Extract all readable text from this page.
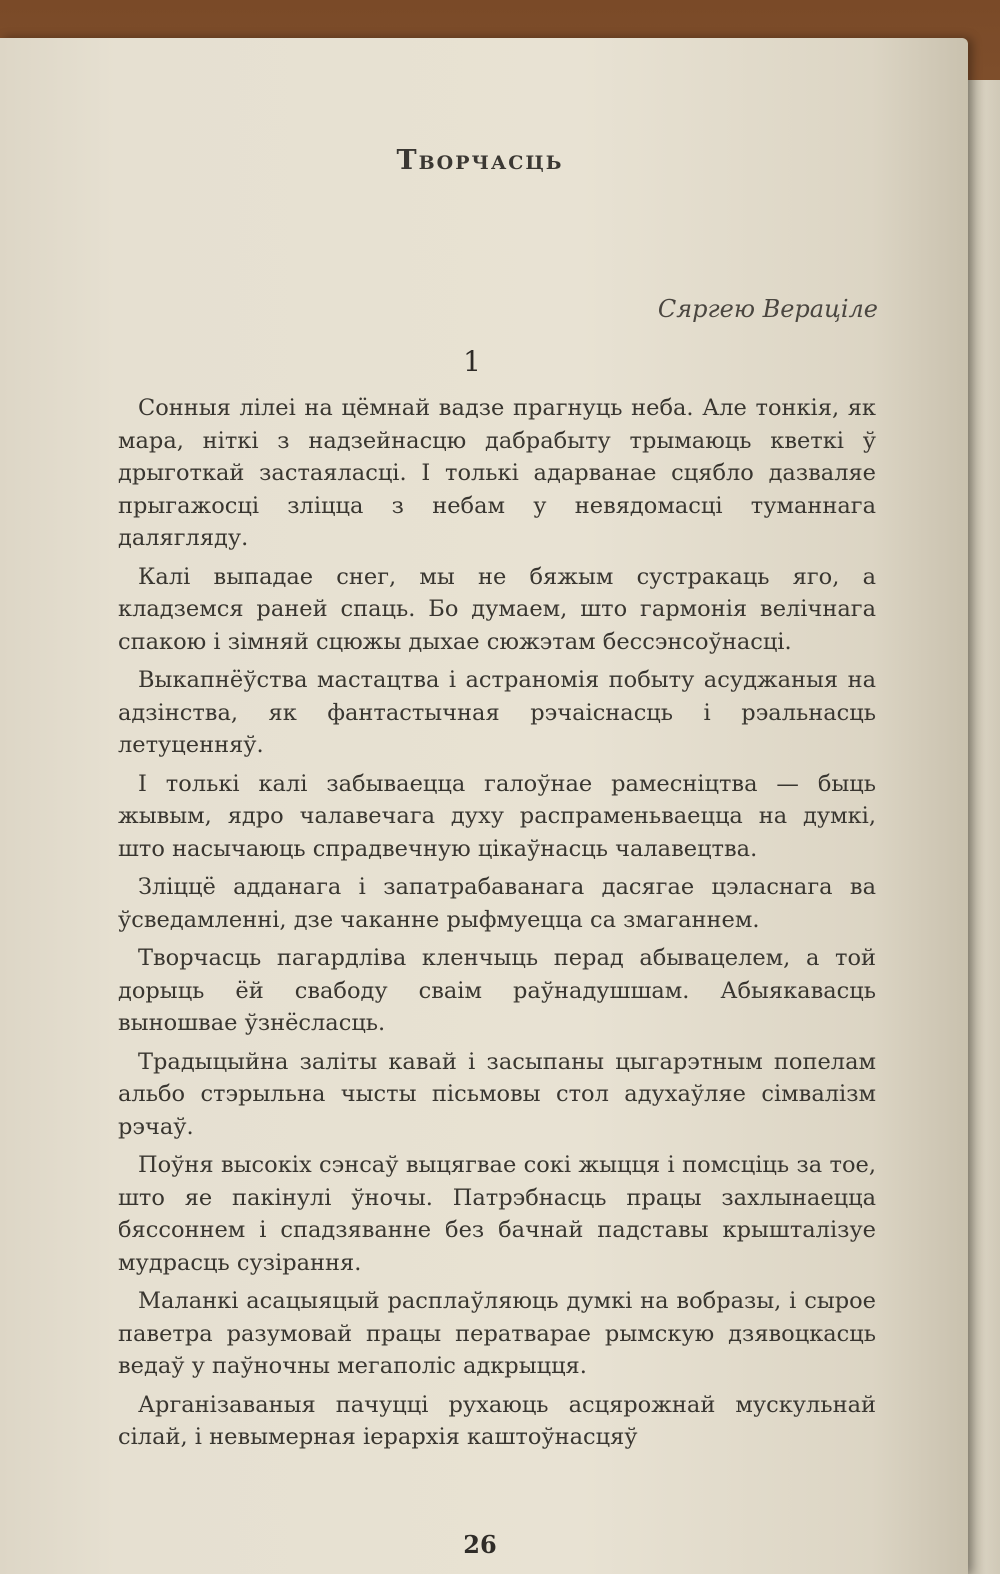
Творчасць
Сяргею Вераціле
1

Сонныя лілеі на цёмнай вадзе прагнуць неба. Але тонкія, як мара, ніткі з надзейнасцю дабрабыту трымаюць кветкі ў дрыготкай застаяласці. І толькі адарванае сцябло дазваляе прыгажосці зліцца з небам у невядомасці туманнага далягляду.

Калі выпадае снег, мы не бяжым сустракаць яго, а кладземся раней спаць. Бо думаем, што гармонія велічнага спакою і зімняй сцюжы дыхае сюжэтам бессэнсоўнасці.

Выкапнёўства мастацтва і астраномія побыту асуджаныя на адзінства, як фантастычная рэчаіснасць і рэальнасць летуценняў.

І толькі калі забываецца галоўнае рамесніцтва — быць жывым, ядро чалавечага духу распраменьваецца на думкі, што насычаюць спрадвечную цікаўнасць чалавецтва.

Зліццё адданага і запатрабаванага дасягае цэласнага ва ўсведамленні, дзе чаканне рыфмуецца са змаганнем.

Творчасць пагардліва кленчыць перад абывацелем, а той дорыць ёй свабоду сваім раўнадушшам. Абыякавасць выношвае ўзнёсласць.

Традыцыйна заліты кавай і засыпаны цыгарэтным попелам альбо стэрыльна чысты пісьмовы стол адухаўляе сімвалізм рэчаў.

Поўня высокіх сэнсаў выцягвае сокі жыцця і помсціць за тое, што яе пакінулі ўночы. Патрэбнасць працы захлынаецца бяссоннем і спадзяванне без бачнай падставы крышталізуе мудрасць сузірання.

Маланкі асацыяцый расплаўляюць думкі на вобразы, і сырое паветра разумовай працы ператварае рымскую дзявоцкасць ведаў у паўночны мегаполіс адкрыцця.

Арганізаваныя пачуцці рухаюць асцярожнай мускульнай сілай, і невымерная іерархія каштоўнасцяў

26
